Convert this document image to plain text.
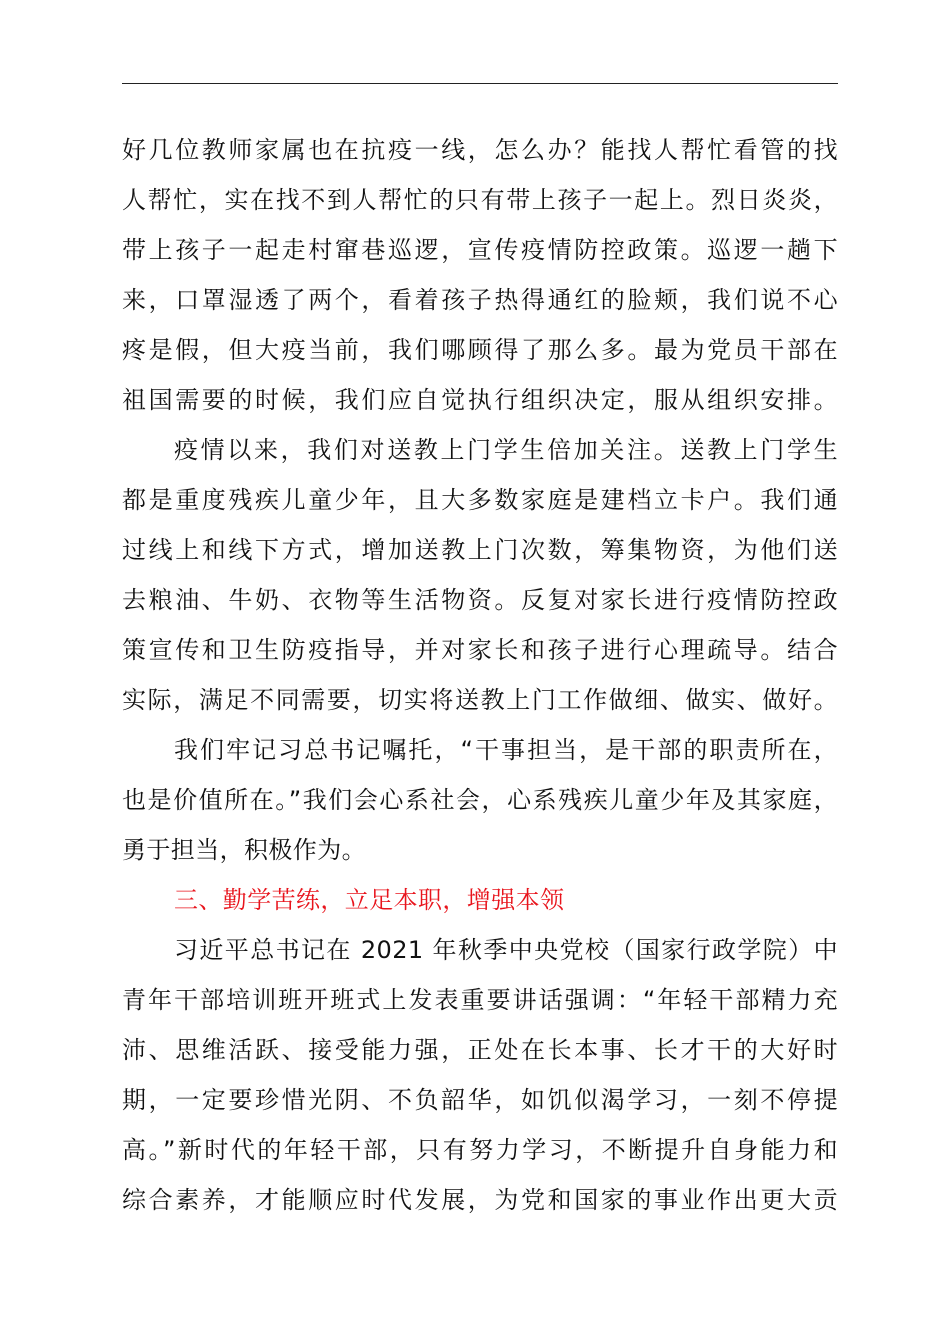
好几位教师家属也在抗疫一线，怎么办？能找人帮忙看管的找
人帮忙，实在找不到人帮忙的只有带上孩子一起上。烈日炎炎，
带上孩子一起走村窜巷巡逻，宣传疫情防控政策。巡逻一趟下
来，口罩湿透了两个，看着孩子热得通红的脸颊，我们说不心
疼是假，但大疫当前，我们哪顾得了那么多。最为党员干部在
祖国需要的时候，我们应自觉执行组织决定，服从组织安排。
疫情以来，我们对送教上门学生倍加关注。送教上门学生
都是重度残疾儿童少年，且大多数家庭是建档立卡户。我们通
过线上和线下方式，增加送教上门次数，筹集物资，为他们送
去粮油、牛奶、衣物等生活物资。反复对家长进行疫情防控政
策宣传和卫生防疫指导，并对家长和孩子进行心理疏导。结合
实际，满足不同需要，切实将送教上门工作做细、做实、做好。
我们牢记习总书记嘱托，“干事担当，是干部的职责所在，
也是价值所在。”我们会心系社会，心系残疾儿童少年及其家庭，
勇于担当，积极作为。
三、勤学苦练，立足本职，增强本领
习近平总书记在 2021 年秋季中央党校（国家行政学院）中
青年干部培训班开班式上发表重要讲话强调：“年轻干部精力充
沛、思维活跃、接受能力强，正处在长本事、长才干的大好时
期，一定要珍惜光阴、不负韶华，如饥似渴学习，一刻不停提
高。”新时代的年轻干部，只有努力学习，不断提升自身能力和
综合素养，才能顺应时代发展，为党和国家的事业作出更大贡
